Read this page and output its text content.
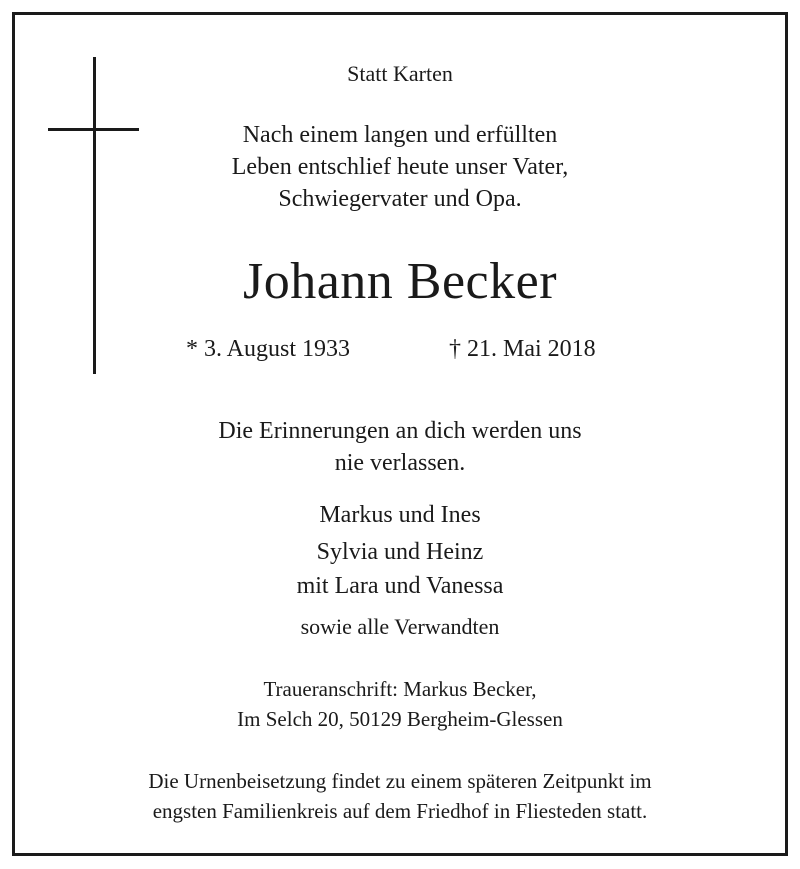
Statt Karten
Nach einem langen und erfüllten
Leben entschlief heute unser Vater,
Schwiegervater und Opa.
Johann Becker
* 3. August 1933	† 21. Mai 2018
Die Erinnerungen an dich werden uns
nie verlassen.
Markus und Ines
Sylvia und Heinz
mit Lara und Vanessa
sowie alle Verwandten
Traueranschrift: Markus Becker,
Im Selch 20, 50129 Bergheim-Glessen
Die Urnenbeisetzung findet zu einem späteren Zeitpunkt im
engsten Familienkreis auf dem Friedhof in Fliesteden statt.
